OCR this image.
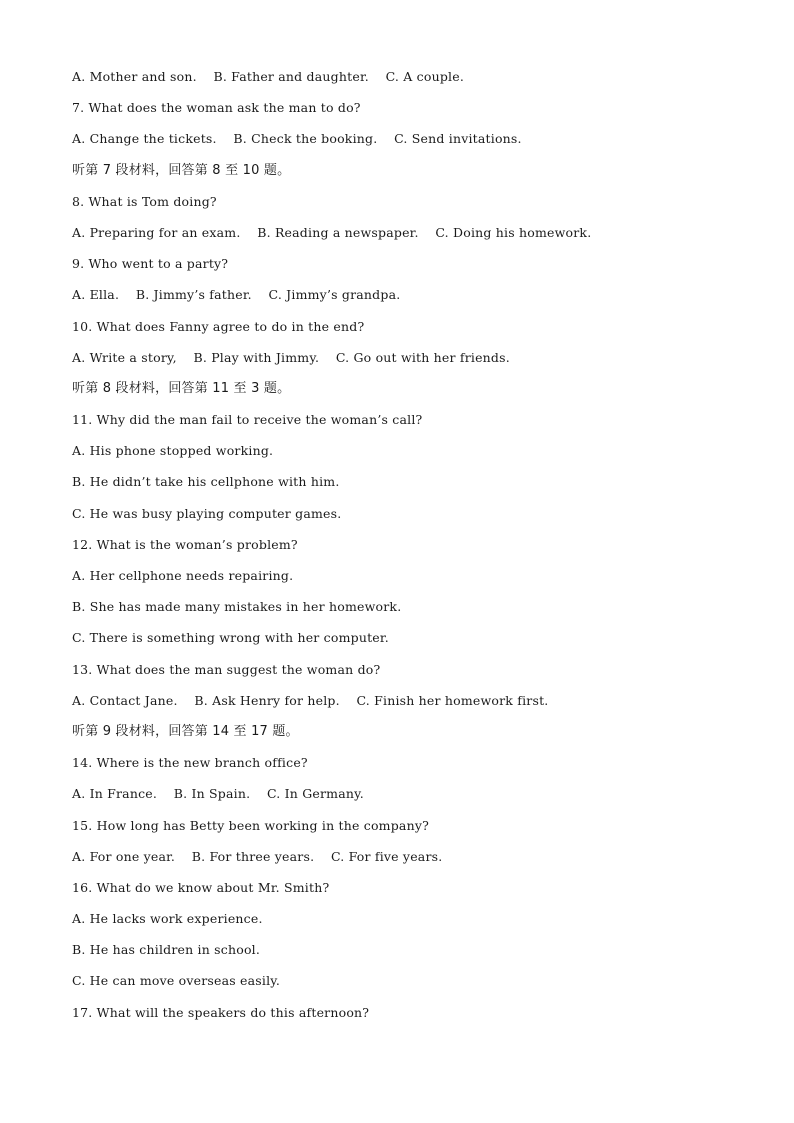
A. Mother and son.    B. Father and daughter.    C. A couple.
7. What does the woman ask the man to do?
A. Change the tickets.    B. Check the booking.    C. Send invitations.
听第 7 段材料，回答第 8 至 10 题。
8. What is Tom doing?
A. Preparing for an exam.    B. Reading a newspaper.    C. Doing his homework.
9. Who went to a party?
A. Ella.    B. Jimmy’s father.    C. Jimmy’s grandpa.
10. What does Fanny agree to do in the end?
A. Write a story,    B. Play with Jimmy.    C. Go out with her friends.
听第 8 段材料，回答第 11 至 3 题。
11. Why did the man fail to receive the woman’s call?
A. His phone stopped working.
B. He didn’t take his cellphone with him.
C. He was busy playing computer games.
12. What is the woman’s problem?
A. Her cellphone needs repairing.
B. She has made many mistakes in her homework.
C. There is something wrong with her computer.
13. What does the man suggest the woman do?
A. Contact Jane.    B. Ask Henry for help.    C. Finish her homework first.
听第 9 段材料，回答第 14 至 17 题。
14. Where is the new branch office?
A. In France.    B. In Spain.    C. In Germany.
15. How long has Betty been working in the company?
A. For one year.    B. For three years.    C. For five years.
16. What do we know about Mr. Smith?
A. He lacks work experience.
B. He has children in school.
C. He can move overseas easily.
17. What will the speakers do this afternoon?
